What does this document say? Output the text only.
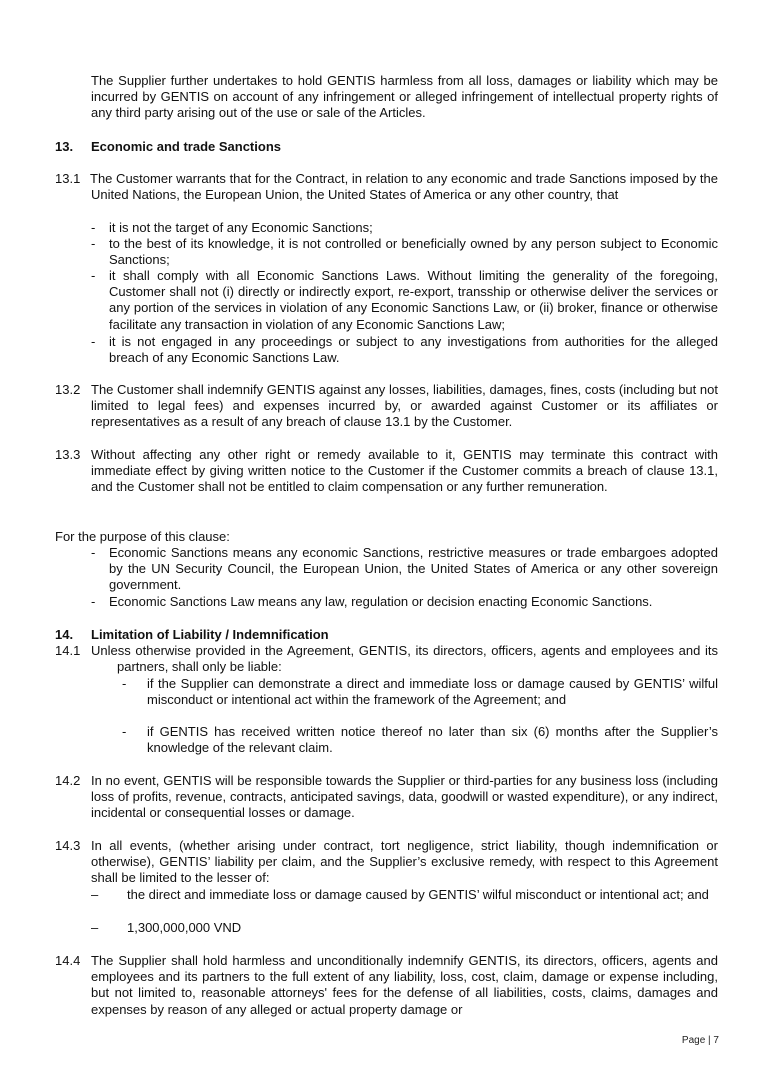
The Supplier further undertakes to hold GENTIS harmless from all loss, damages or liability which may be incurred by GENTIS on account of any infringement or alleged infringement of intellectual property rights of any third party arising out of the use or sale of the Articles.
13. Economic and trade Sanctions
13.1 The Customer warrants that for the Contract, in relation to any economic and trade Sanctions imposed by the United Nations, the European Union, the United States of America or any other country, that
- it is not the target of any Economic Sanctions;
- to the best of its knowledge, it is not controlled or beneficially owned by any person subject to Economic Sanctions;
- it shall comply with all Economic Sanctions Laws. Without limiting the generality of the foregoing, Customer shall not (i) directly or indirectly export, re-export, transship or otherwise deliver the services or any portion of the services in violation of any Economic Sanctions Law, or (ii) broker, finance or otherwise facilitate any transaction in violation of any Economic Sanctions Law;
- it is not engaged in any proceedings or subject to any investigations from authorities for the alleged breach of any Economic Sanctions Law.
13.2 The Customer shall indemnify GENTIS against any losses, liabilities, damages, fines, costs (including but not limited to legal fees) and expenses incurred by, or awarded against Customer or its affiliates or representatives as a result of any breach of clause 13.1 by the Customer.
13.3 Without affecting any other right or remedy available to it, GENTIS may terminate this contract with immediate effect by giving written notice to the Customer if the Customer commits a breach of clause 13.1, and the Customer shall not be entitled to claim compensation or any further remuneration.
For the purpose of this clause:
- Economic Sanctions means any economic Sanctions, restrictive measures or trade embargoes adopted by the UN Security Council, the European Union, the United States of America or any other sovereign government.
- Economic Sanctions Law means any law, regulation or decision enacting Economic Sanctions.
14. Limitation of Liability / Indemnification
14.1 Unless otherwise provided in the Agreement, GENTIS, its directors, officers, agents and employees and its partners, shall only be liable:
- if the Supplier can demonstrate a direct and immediate loss or damage caused by GENTIS’ wilful misconduct or intentional act within the framework of the Agreement; and
- if GENTIS has received written notice thereof no later than six (6) months after the Supplier’s knowledge of the relevant claim.
14.2 In no event, GENTIS will be responsible towards the Supplier or third-parties for any business loss (including loss of profits, revenue, contracts, anticipated savings, data, goodwill or wasted expenditure), or any indirect, incidental or consequential losses or damage.
14.3 In all events, (whether arising under contract, tort negligence, strict liability, though indemnification or otherwise), GENTIS’ liability per claim, and the Supplier’s exclusive remedy, with respect to this Agreement shall be limited to the lesser of:
– the direct and immediate loss or damage caused by GENTIS’ wilful misconduct or intentional act; and
– 1,300,000,000 VND
14.4 The Supplier shall hold harmless and unconditionally indemnify GENTIS, its directors, officers, agents and employees and its partners to the full extent of any liability, loss, cost, claim, damage or expense including, but not limited to, reasonable attorneys' fees for the defense of all liabilities, costs, claims, damages and expenses by reason of any alleged or actual property damage or
Page | 7
